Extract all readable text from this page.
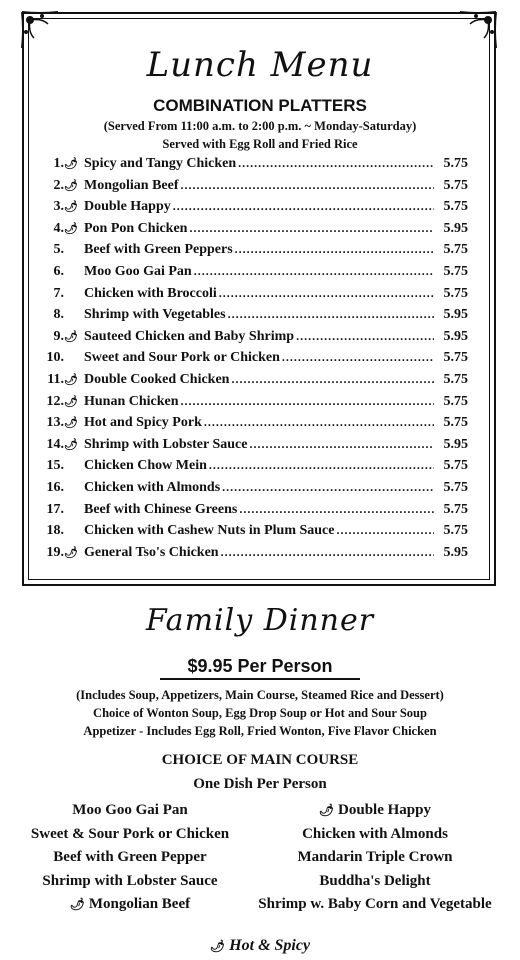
Lunch Menu
COMBINATION PLATTERS
(Served From 11:00 a.m. to 2:00 p.m. ~ Monday-Saturday)
Served with Egg Roll and Fried Rice
1. 🌶 Spicy and Tangy Chicken .....	5.75
2. 🌶 Mongolian Beef .....	5.75
3. 🌶 Double Happy .....	5.75
4. 🌶 Pon Pon Chicken .....	5.95
5. Beef with Green Peppers .....	5.75
6. Moo Goo Gai Pan .....	5.75
7. Chicken with Broccoli .....	5.75
8. Shrimp with Vegetables .....	5.95
9. 🌶 Sauteed Chicken and Baby Shrimp .....	5.95
10. Sweet and Sour Pork or Chicken .....	5.75
11. 🌶 Double Cooked Chicken .....	5.75
12. 🌶 Hunan Chicken .....	5.75
13. 🌶 Hot and Spicy Pork .....	5.75
14. 🌶 Shrimp with Lobster Sauce .....	5.95
15. Chicken Chow Mein .....	5.75
16. Chicken with Almonds .....	5.75
17. Beef with Chinese Greens .....	5.75
18. Chicken with Cashew Nuts in Plum Sauce .....	5.75
19. 🌶 General Tso's Chicken .....	5.95
Family Dinner
$9.95 Per Person
(Includes Soup, Appetizers, Main Course, Steamed Rice and Dessert)
Choice of Wonton Soup, Egg Drop Soup or Hot and Sour Soup
Appetizer - Includes Egg Roll, Fried Wonton, Five Flavor Chicken
CHOICE OF MAIN COURSE
One Dish Per Person
Moo Goo Gai Pan
Sweet & Sour Pork or Chicken
Beef with Green Pepper
Shrimp with Lobster Sauce
🌶 Mongolian Beef
🌶 Double Happy
Chicken with Almonds
Mandarin Triple Crown
Buddha's Delight
Shrimp w. Baby Corn and Vegetable
🌶 Hot & Spicy
